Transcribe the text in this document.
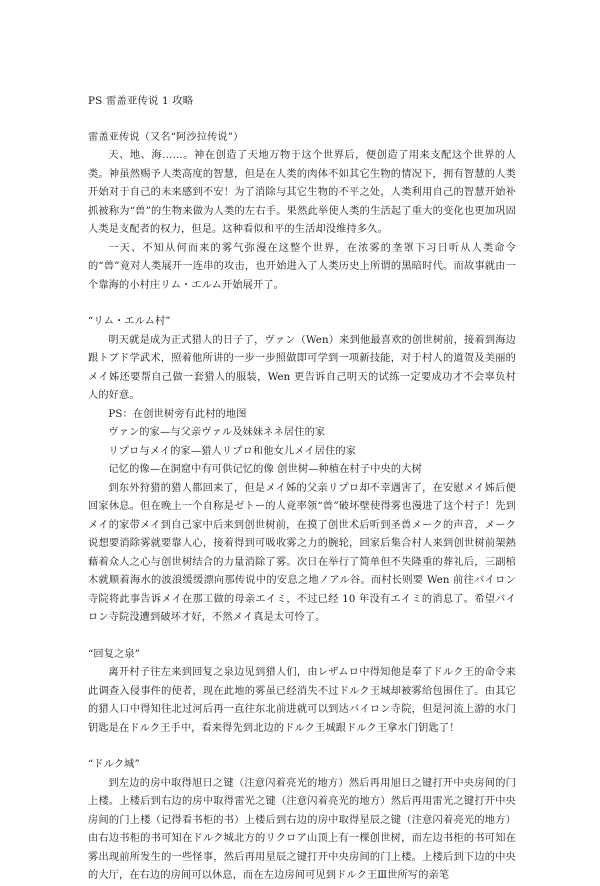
PS 雷盖亚传说 1 攻略

雷盖亚传说（又名“阿沙拉传说”）

天、地、海……。神在创造了天地万物于这个世界后，便创造了用来支配这个世界的人类。神虽然赐予人类高度的智慧，但是在人类的肉体不如其它生物的情况下，拥有智慧的人类开始对于自己的未来感到不安！为了消除与其它生物的不平之处，人类利用自己的智慧开始补抓被称为“兽”的生物来做为人类的左右手。果然此举使人类的生活起了重大的变化也更加巩固人类是支配者的权力，但是。这种看似和平的生活却没维持多久。

一天、不知从何而来的雾气弥漫在这整个世界，在浓雾的垄罩下习日听从人类命令的“兽”竟对人类展开一连串的攻击，也开始进入了人类历史上所谓的黑暗时代。而故事就由一个靠海的小村庄リム・エルム开始展开了。

“リム・エルム村”

明天就是成为正式猎人的日子了，ヴァン（Wen）来到他最喜欢的创世树前，接着到海边跟トブド学武术，照着他所讲的一步一步照做即可学到一项新技能，对于村人的道贺及美丽的メイ姊还要帮自己做一套猎人的服装，Wen 更告诉自己明天的试练一定要成功才不会辜负村人的好意。

PS：在创世树旁有此村的地图

ヴァン的家—与父亲ヴァル及妹妹ネネ居住的家

リプロ与メイ的家—猎人リプロ和他女儿メイ居住的家

记忆的像—在洞窟中有可供记忆的像 创世树—种植在村子中央的大树

到东外狩猎的猎人都回来了，但是メイ姊的父亲リプロ却不幸遇害了，在安慰メイ姊后便回家休息。但在晚上一个自称是ゼトー的人竟率领“兽”破坏壁使得雾也漫进了这个村子！先到メイ的家带メイ到自己家中后来到创世树前，在摸了创世术后听到圣兽メーク的声音，メーク说想要消除雾就要靠人心，接着得到可吸收雾之力的腕轮，回家后集合村人来到创世树前架熱藉着众人之心与创世树结合的力量消除了雾。次日在举行了简单但不失隆重的葬礼后，三副棺木就顺着海水的波浪缓缓漂向那传说中的安息之地ノアル谷。而村长则要 Wen 前往バイロン寺院将此事告诉メイ在那工做的母亲エイミ，不过已经 10 年没有エイミ的消息了。希望バイロン寺院没遭到破坏才好，不然メイ真是太可怜了。

“回复之泉”

离开村子往左来到回复之泉边见到猎人们，由レザムロ中得知他是奉了ドルク王的命令来此调查入侵事件的使者，现在此地的雾虽已经消失不过ドルク王城却被雾给包围住了。由其它的猎人口中得知往北过河后再一直往东北前进就可以到达バイロン寺院，但是河流上游的水门钥匙是在ドルク王手中，看来得先到北边的ドルク王城跟ドルク王拿水门钥匙了！

“ドルク城”

到左边的房中取得旭日之键（注意闪着亮光的地方）然后再用旭日之键打开中央房间的门上楼。上楼后到右边的房中取得雷光之键（注意闪着亮光的地方）然后再用雷光之键打开中央房间的门上楼（记得看书柜的书）上楼后到右边的房中取得星辰之键（注意闪着亮光的地方）由右边书柜的书可知在ドルク城北方的リクロア山顶上有一棵创世树，而左边书柜的书可知在雾出现前所发生的一些怪事，然后再用星辰之键打开中央房间的门上楼。上楼后到下边的中央的大厅，在右边的房间可以休息，而在左边房间可见到ドルク王Ⅲ世所写的亲笔
